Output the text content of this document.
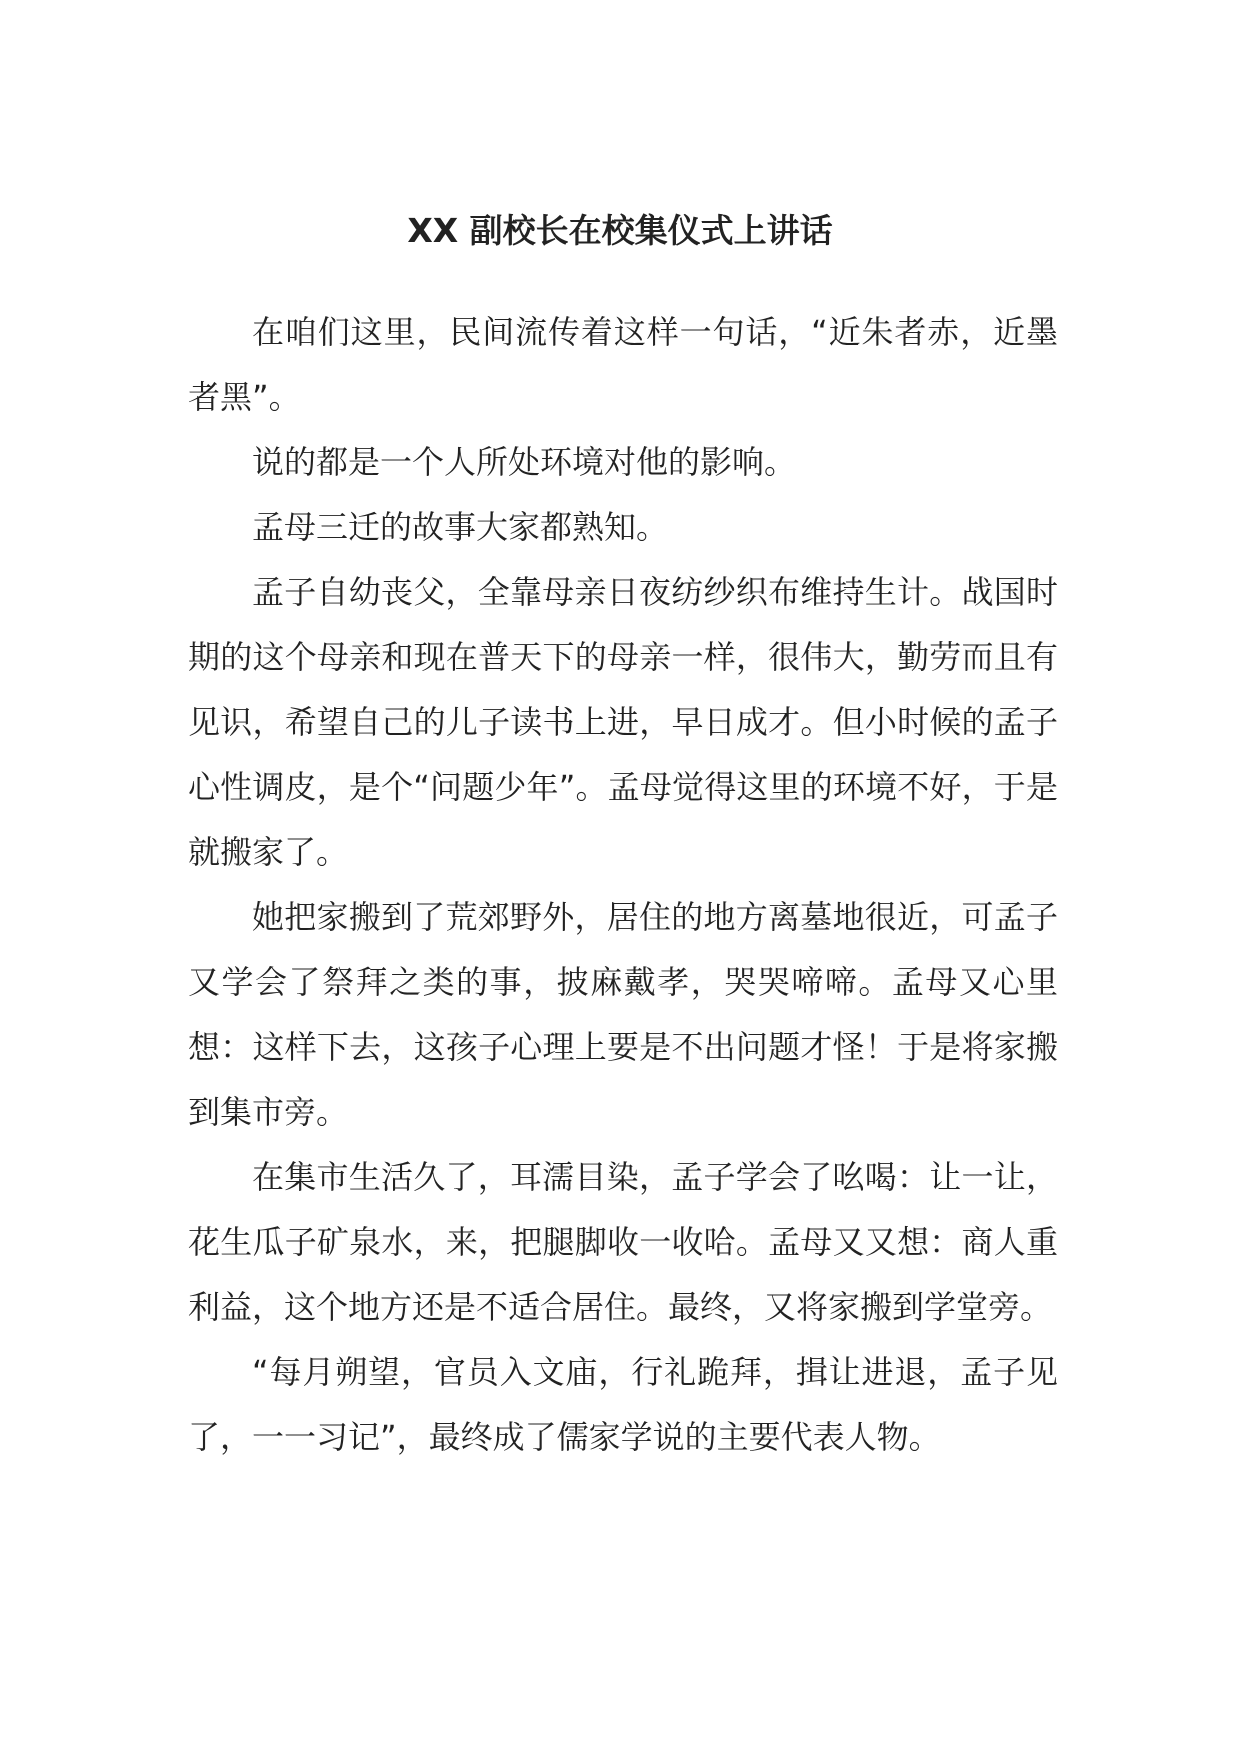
XX 副校长在校集仪式上讲话

在咱们这里，民间流传着这样一句话，“近朱者赤，近墨者黑”。

说的都是一个人所处环境对他的影响。

孟母三迁的故事大家都熟知。

孟子自幼丧父，全靠母亲日夜纺纱织布维持生计。战国时期的这个母亲和现在普天下的母亲一样，很伟大，勤劳而且有见识，希望自己的儿子读书上进，早日成才。但小时候的孟子心性调皮，是个“问题少年”。孟母觉得这里的环境不好，于是就搬家了。

她把家搬到了荒郊野外，居住的地方离墓地很近，可孟子又学会了祭拜之类的事，披麻戴孝，哭哭啼啼。孟母又心里想：这样下去，这孩子心理上要是不出问题才怪！于是将家搬到集市旁。

在集市生活久了，耳濡目染，孟子学会了吆喝：让一让，花生瓜子矿泉水，来，把腿脚收一收哈。孟母又又想：商人重利益，这个地方还是不适合居住。最终，又将家搬到学堂旁。

“每月朔望，官员入文庙，行礼跪拜，揖让进退，孟子见了，一一习记”，最终成了儒家学说的主要代表人物。
